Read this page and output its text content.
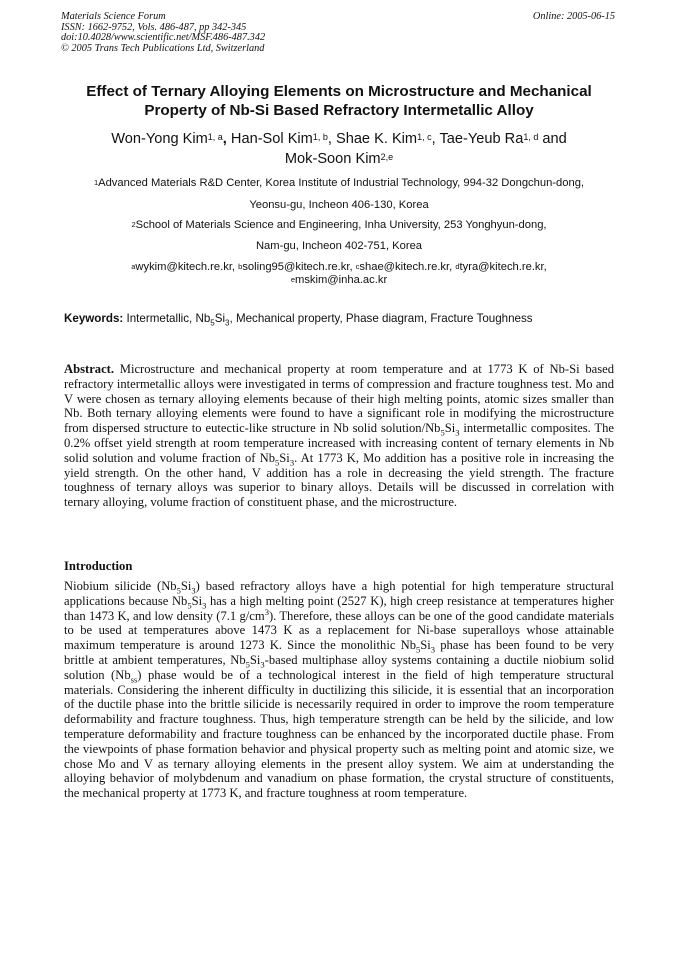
Materials Science Forum
ISSN: 1662-9752, Vols. 486-487, pp 342-345
doi:10.4028/www.scientific.net/MSF.486-487.342
© 2005 Trans Tech Publications Ltd, Switzerland
Online: 2005-06-15
Effect of Ternary Alloying Elements on Microstructure and Mechanical
Property of Nb-Si Based Refractory Intermetallic Alloy
Won-Yong Kim$^{1, a}$, Han-Sol Kim$^{1, b}$, Shae K. Kim$^{1, c}$, Tae-Yeub Ra$^{1, d}$ and
Mok-Soon Kim$^{2,e}$
$^1$Advanced Materials R&D Center, Korea Institute of Industrial Technology, 994-32 Dongchun-dong,
Yeonsu-gu, Incheon 406-130, Korea
$^2$School of Materials Science and Engineering, Inha University, 253 Yonghyun-dong,
Nam-gu, Incheon 402-751, Korea
$^a$wykim@kitech.re.kr, $^b$soling95@kitech.re.kr, $^c$shae@kitech.re.kr, $^d$tyra@kitech.re.kr,
$^e$mskim@inha.ac.kr
Keywords: Intermetallic, $Nb_5Si_3$, Mechanical property, Phase diagram, Fracture Toughness
Abstract. Microstructure and mechanical property at room temperature and at 1773 K of Nb-Si based refractory intermetallic alloys were investigated in terms of compression and fracture toughness test. Mo and V were chosen as ternary alloying elements because of their high melting points, atomic sizes smaller than Nb. Both ternary alloying elements were found to have a significant role in modifying the microstructure from dispersed structure to eutectic-like structure in Nb solid solution/$Nb_5Si_3$ intermetallic composites. The 0.2% offset yield strength at room temperature increased with increasing content of ternary elements in Nb solid solution and volume fraction of $Nb_5Si_3$. At 1773 K, Mo addition has a positive role in increasing the yield strength. On the other hand, V addition has a role in decreasing the yield strength. The fracture toughness of ternary alloys was superior to binary alloys. Details will be discussed in correlation with ternary alloying, volume fraction of constituent phase, and the microstructure.
Introduction
Niobium silicide $(Nb_5Si_3)$ based refractory alloys have a high potential for high temperature structural applications because $Nb_5Si_3$ has a high melting point (2527 K), high creep resistance at temperatures higher than 1473 K, and low density (7.1 $g/cm^3$). Therefore, these alloys can be one of the good candidate materials to be used at temperatures above 1473 K as a replacement for Ni-base superalloys whose attainable maximum temperature is around 1273 K. Since the monolithic $Nb_5Si_3$ phase has been found to be very brittle at ambient temperatures, $Nb_5Si_3$-based multiphase alloy systems containing a ductile niobium solid solution $(Nb_{ss})$ phase would be of a technological interest in the field of high temperature structural materials. Considering the inherent difficulty in ductilizing this silicide, it is essential that an incorporation of the ductile phase into the brittle silicide is necessarily required in order to improve the room temperature deformability and fracture toughness. Thus, high temperature strength can be held by the silicide, and low temperature deformability and fracture toughness can be enhanced by the incorporated ductile phase. From the viewpoints of phase formation behavior and physical property such as melting point and atomic size, we chose Mo and V as ternary alloying elements in the present alloy system. We aim at understanding the alloying behavior of molybdenum and vanadium on phase formation, the crystal structure of constituents, the mechanical property at 1773 K, and fracture toughness at room temperature.
